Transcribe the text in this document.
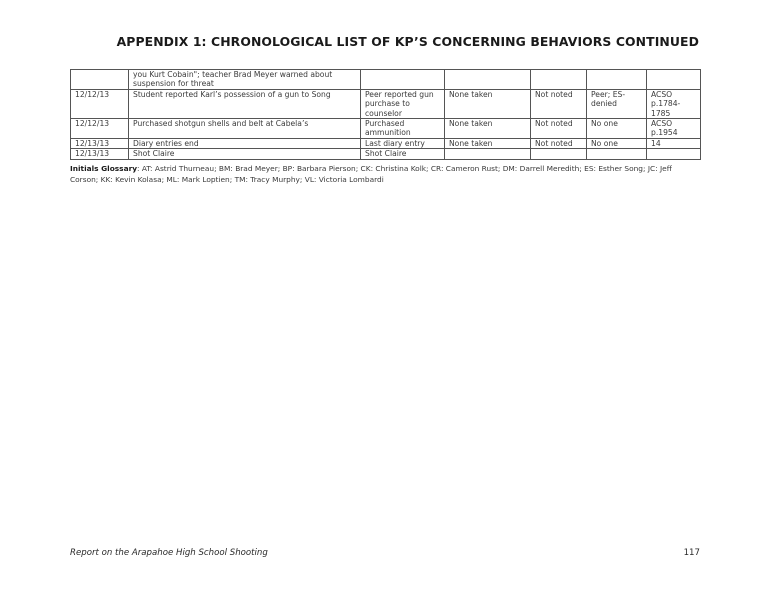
APPENDIX 1: CHRONOLOGICAL LIST OF KP’S CONCERNING BEHAVIORS CONTINUED
	you Kurt Cobain"; teacher Brad Meyer warned about suspension for threat					
12/12/13	Student reported Karl’s possession of a gun to Song	Peer reported gun purchase to counselor	None taken	Not noted	Peer; ES-denied	ACSO p.1784-1785
12/12/13	Purchased shotgun shells and belt at Cabela’s	Purchased ammunition	None taken	Not noted	No one	ACSO p.1954
12/13/13	Diary entries end	Last diary entry	None taken	Not noted	No one	14
12/13/13	Shot Claire	Shot Claire				
Initials Glossary: AT: Astrid Thurneau; BM: Brad Meyer; BP: Barbara Pierson; CK: Christina Kolk; CR: Cameron Rust; DM: Darrell Meredith; ES: Esther Song; JC: Jeff Corson; KK: Kevin Kolasa; ML: Mark Loptien; TM: Tracy Murphy; VL: Victoria Lombardi
Report on the Arapahoe High School Shooting	117
